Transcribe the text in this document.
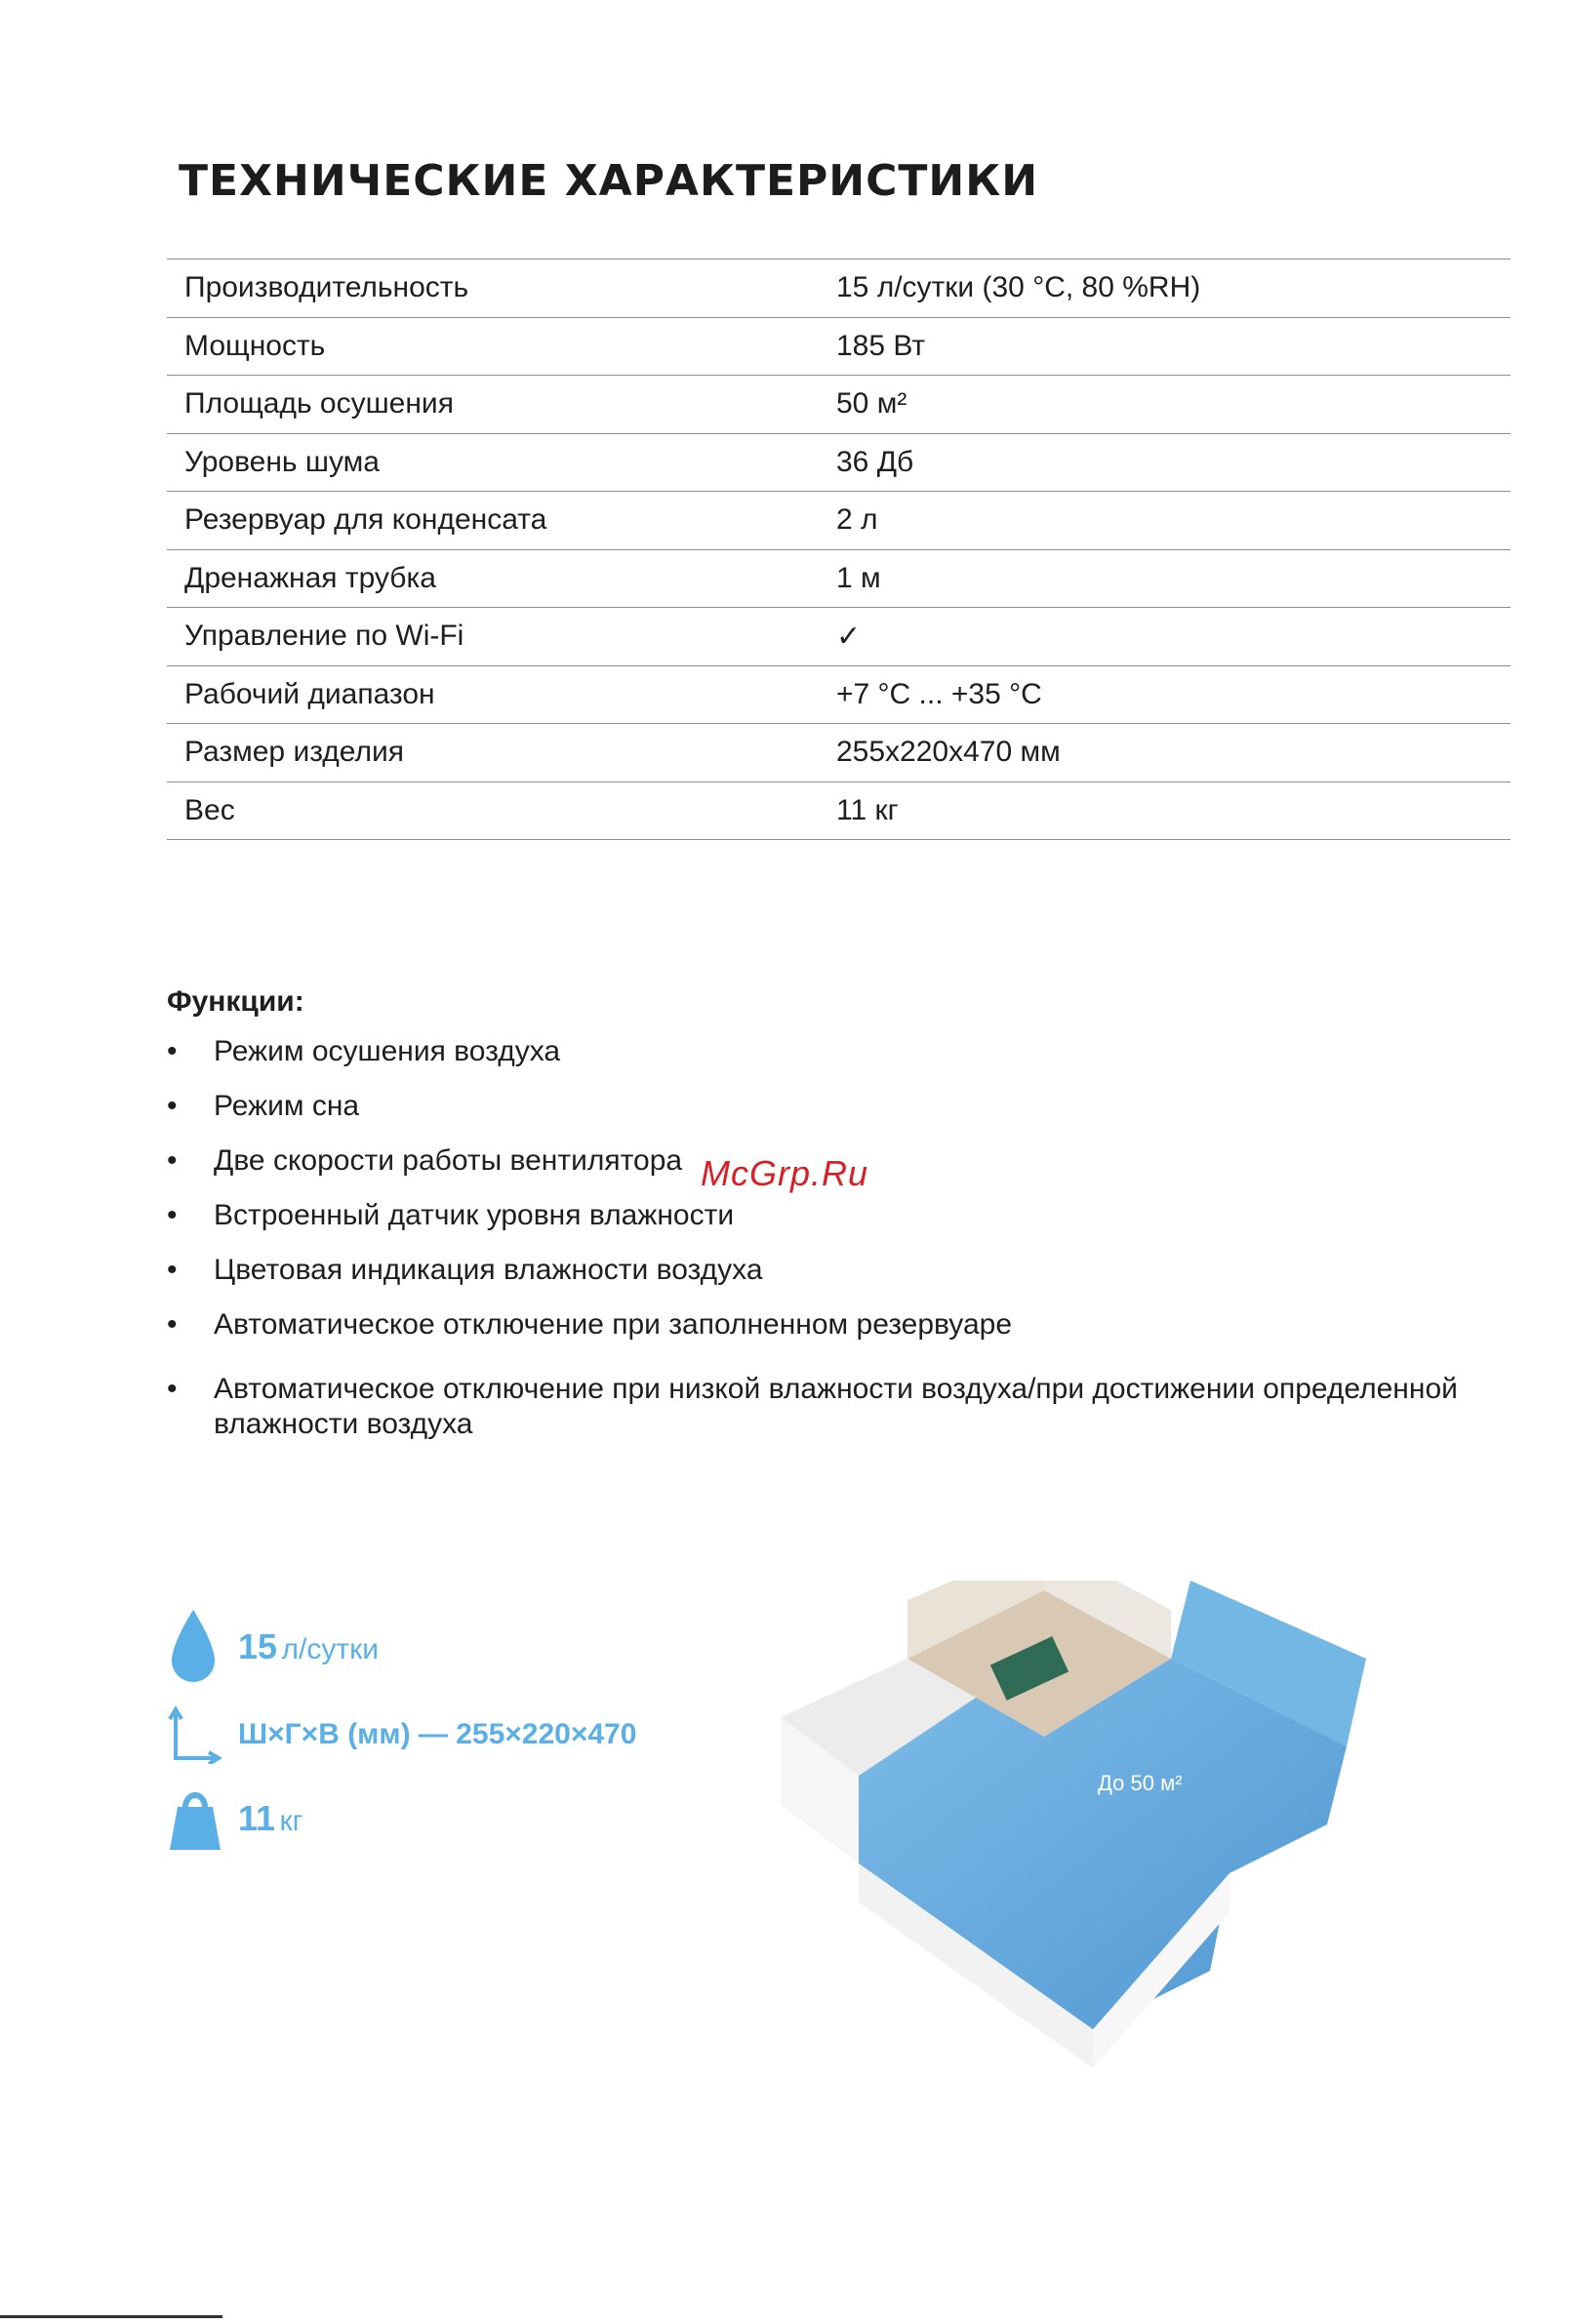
ТЕХНИЧЕСКИЕ ХАРАКТЕРИСТИКИ
Производительность	15 л/сутки (30 °C, 80 %RH)
Мощность	185 Вт
Площадь осушения	50 м²
Уровень шума	36 Дб
Резервуар для конденсата	2 л
Дренажная трубка	1 м
Управление по Wi-Fi	✓
Рабочий диапазон	+7 °C ... +35 °C
Размер изделия	255x220x470 мм
Вес	11 кг
Функции:
• Режим осушения воздуха
• Режим сна
• Две скорости работы вентилятора
• Встроенный датчик уровня влажности
• Цветовая индикация влажности воздуха
• Автоматическое отключение при заполненном резервуаре
• Автоматическое отключение при низкой влажности воздуха/при достижении определенной влажности воздуха
McGrp.Ru
15 л/сутки
Ш×Г×В (мм) — 255×220×470
11 кг
До 50 м²
